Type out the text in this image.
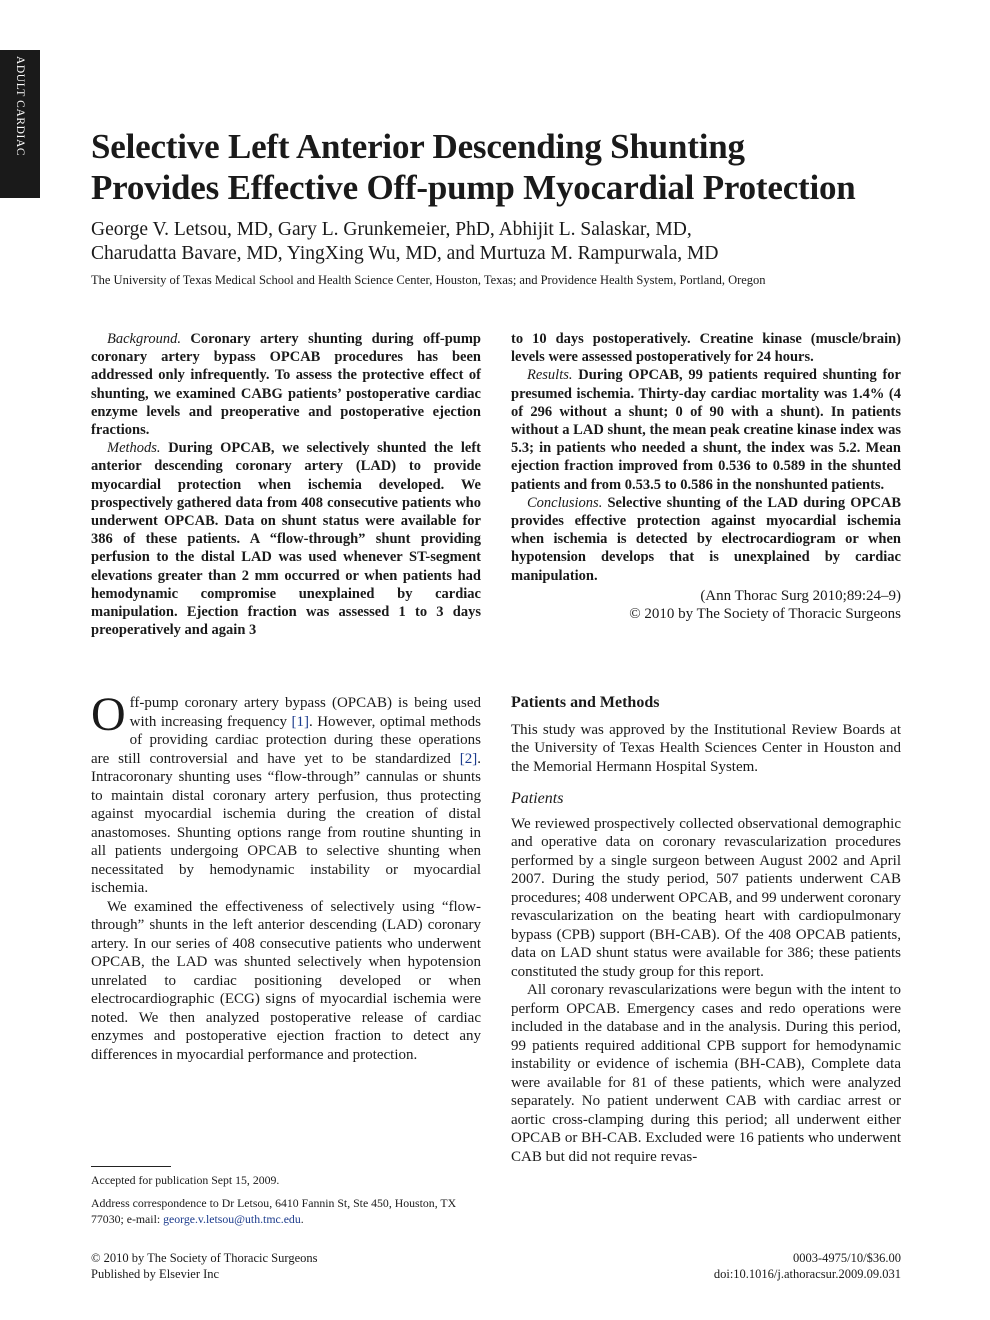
ADULT CARDIAC Selective Left Anterior Descending Shunting
Provides Effective Off-pump Myocardial Protection
George V. Letsou, MD, Gary L. Grunkemeier, PhD, Abhijit L. Salaskar, MD,
Charudatta Bavare, MD, YingXing Wu, MD, and Murtuza M. Rampurwala, MD
The University of Texas Medical School and Health Science Center, Houston, Texas; and Providence Health System, Portland, Oregon

Background. Coronary artery shunting during off-pump coronary artery bypass OPCAB procedures has been addressed only infrequently. To assess the protective effect of shunting, we examined CABG patients’ postoperative cardiac enzyme levels and preoperative and postoperative ejection fractions.

Methods. During OPCAB, we selectively shunted the left anterior descending coronary artery (LAD) to provide myocardial protection when ischemia developed. We prospectively gathered data from 408 consecutive patients who underwent OPCAB. Data on shunt status were available for 386 of these patients. A “flow-through” shunt providing perfusion to the distal LAD was used whenever ST-segment elevations greater than 2 mm occurred or when patients had hemodynamic compromise unexplained by cardiac manipulation. Ejection fraction was assessed 1 to 3 days preoperatively and again 3

to 10 days postoperatively. Creatine kinase (muscle/brain) levels were assessed postoperatively for 24 hours.

Results. During OPCAB, 99 patients required shunting for presumed ischemia. Thirty-day cardiac mortality was 1.4% (4 of 296 without a shunt; 0 of 90 with a shunt). In patients without a LAD shunt, the mean peak creatine kinase index was 5.3; in patients who needed a shunt, the index was 5.2. Mean ejection fraction improved from 0.536 to 0.589 in the shunted patients and from 0.53.5 to 0.586 in the nonshunted patients.

Conclusions. Selective shunting of the LAD during OPCAB provides effective protection against myocardial ischemia when ischemia is detected by electrocardiogram or when hypotension develops that is unexplained by cardiac manipulation.

(Ann Thorac Surg 2010;89:24–9)

© 2010 by The Society of Thoracic Surgeons

Off-pump coronary artery bypass (OPCAB) is being used with increasing frequency [1]. However, optimal methods of providing cardiac protection during these operations are still controversial and have yet to be standardized [2]. Intracoronary shunting uses “flow-through” cannulas or shunts to maintain distal coronary artery perfusion, thus protecting against myocardial ischemia during the creation of distal anastomoses. Shunting options range from routine shunting in all patients undergoing OPCAB to selective shunting when necessitated by hemodynamic instability or myocardial ischemia.

We examined the effectiveness of selectively using “flow-through” shunts in the left anterior descending (LAD) coronary artery. In our series of 408 consecutive patients who underwent OPCAB, the LAD was shunted selectively when hypotension unrelated to cardiac positioning developed or when electrocardiographic (ECG) signs of myocardial ischemia were noted. We then analyzed postoperative release of cardiac enzymes and postoperative ejection fraction to detect any differences in myocardial performance and protection.

Patients and Methods

This study was approved by the Institutional Review Boards at the University of Texas Health Sciences Center in Houston and the Memorial Hermann Hospital System.

Patients

We reviewed prospectively collected observational demographic and operative data on coronary revascularization procedures performed by a single surgeon between August 2002 and April 2007. During the study period, 507 patients underwent CAB procedures; 408 underwent OPCAB, and 99 underwent coronary revascularization on the beating heart with cardiopulmonary bypass (CPB) support (BH-CAB). Of the 408 OPCAB patients, data on LAD shunt status were available for 386; these patients constituted the study group for this report.

All coronary revascularizations were begun with the intent to perform OPCAB. Emergency cases and redo operations were included in the database and in the analysis. During this period, 99 patients required additional CPB support for hemodynamic instability or evidence of ischemia (BH-CAB), Complete data were available for 81 of these patients, which were analyzed separately. No patient underwent CAB with cardiac arrest or aortic cross-clamping during this period; all underwent either OPCAB or BH-CAB. Excluded were 16 patients who underwent CAB but did not require revas-

Accepted for publication Sept 15, 2009.
Address correspondence to Dr Letsou, 6410 Fannin St, Ste 450, Houston, TX 77030; e-mail: george.v.letsou@uth.tmc.edu.
© 2010 by The Society of Thoracic Surgeons
Published by Elsevier Inc
0003-4975/10/$36.00
doi:10.1016/j.athoracsur.2009.09.031
